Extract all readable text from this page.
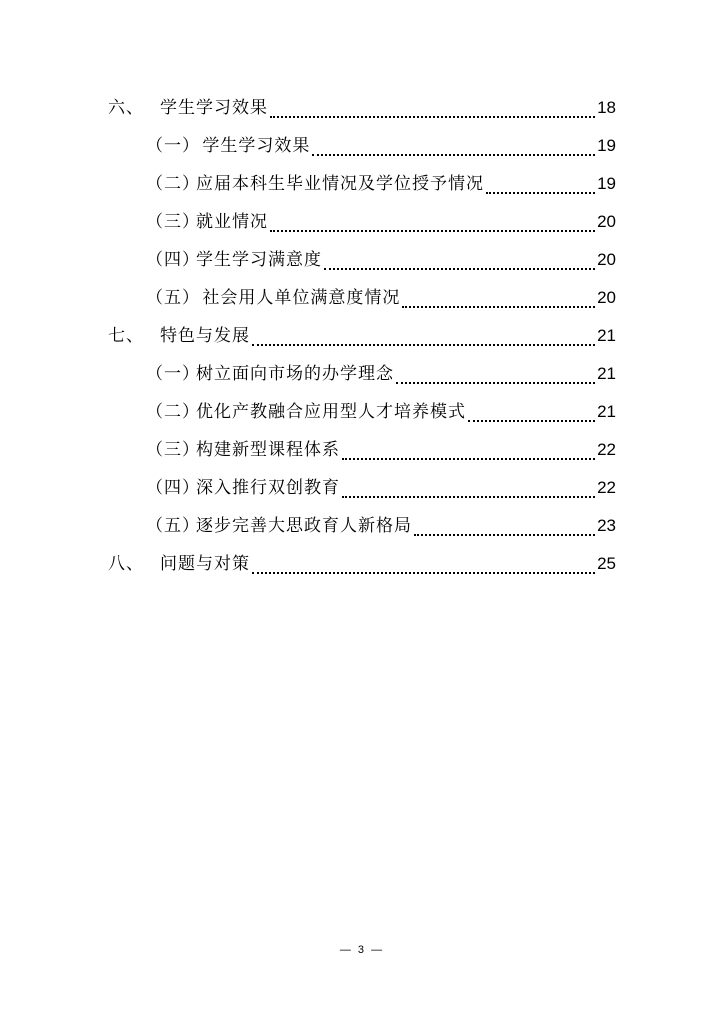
六、 学生学习效果	18
（一） 学生学习效果	19
（二）应届本科生毕业情况及学位授予情况	19
（三）就业情况	20
（四）学生学习满意度	20
（五） 社会用人单位满意度情况	20
七、 特色与发展	21
（一）树立面向市场的办学理念	21
（二）优化产教融合应用型人才培养模式	21
（三）构建新型课程体系	22
（四）深入推行双创教育	22
（五）逐步完善大思政育人新格局	23
八、 问题与对策	25
— 3 —
